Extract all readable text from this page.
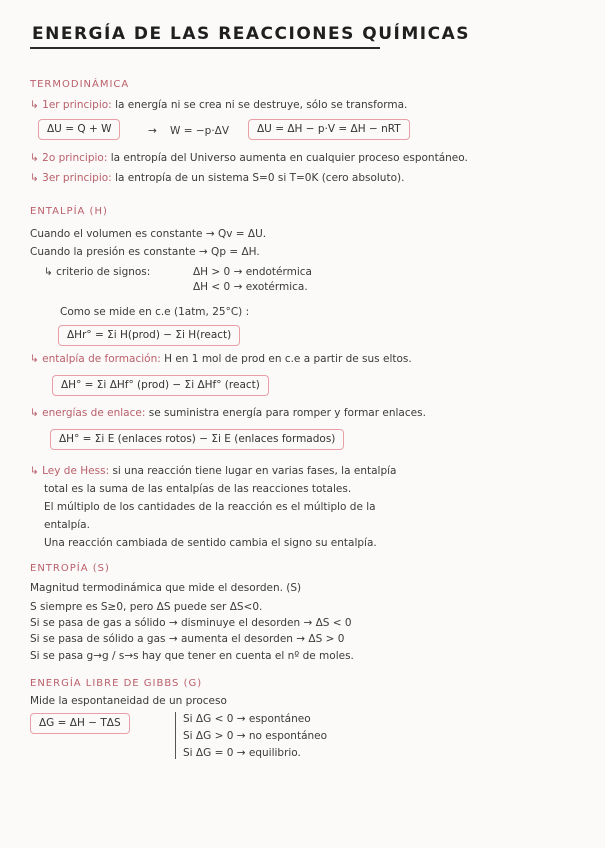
ENERGÍA DE LAS REACCIONES QUÍMICAS
TERMODINÁMICA
↳ 1er principio: la energía ni se crea ni se destruye, sólo se transforma.
ΔU = Q + W	→ W = −p·ΔV	ΔU = ΔH − p·V = ΔH − nRT
↳ 2o principio: la entropía del Universo aumenta en cualquier proceso espontáneo.
↳ 3er principio: la entropía de un sistema S=0 si T=0K (cero absoluto).
ENTALPÍA (H)
Cuando el volumen es constante → Qv = ΔU.
Cuando la presión es constante → Qp = ΔH.
↳ criterio de signos:	ΔH > 0 → endotérmica
ΔH < 0 → exotérmica.
Como se mide en c.e (1atm, 25°C) :
ΔHr° = Σi H(prod) − Σi H(react)
↳ entalpía de formación: H en 1 mol de prod en c.e a partir de sus eltos.
ΔH° = Σi ΔHf° (prod) − Σi ΔHf° (react)
↳ energías de enlace: se suministra energía para romper y formar enlaces.
ΔH° = Σi E (enlaces rotos) − Σi E (enlaces formados)
↳ Ley de Hess: si una reacción tiene lugar en varias fases, la entalpía
total es la suma de las entalpías de las reacciones totales.
El múltiplo de los cantidades de la reacción es el múltiplo de la
entalpía.
Una reacción cambiada de sentido cambia el signo su entalpía.
ENTROPÍA (S)
Magnitud termodinámica que mide el desorden. (S)
S siempre es S≥0, pero ΔS puede ser ΔS<0.
Si se pasa de gas a sólido → disminuye el desorden → ΔS < 0
Si se pasa de sólido a gas → aumenta el desorden → ΔS > 0
Si se pasa g→g / s→s hay que tener en cuenta el nº de moles.
ENERGÍA LIBRE DE GIBBS (G)
Mide la espontaneidad de un proceso
ΔG = ΔH − TΔS	Si ΔG < 0 → espontáneo
Si ΔG > 0 → no espontáneo
Si ΔG = 0 → equilibrio.
